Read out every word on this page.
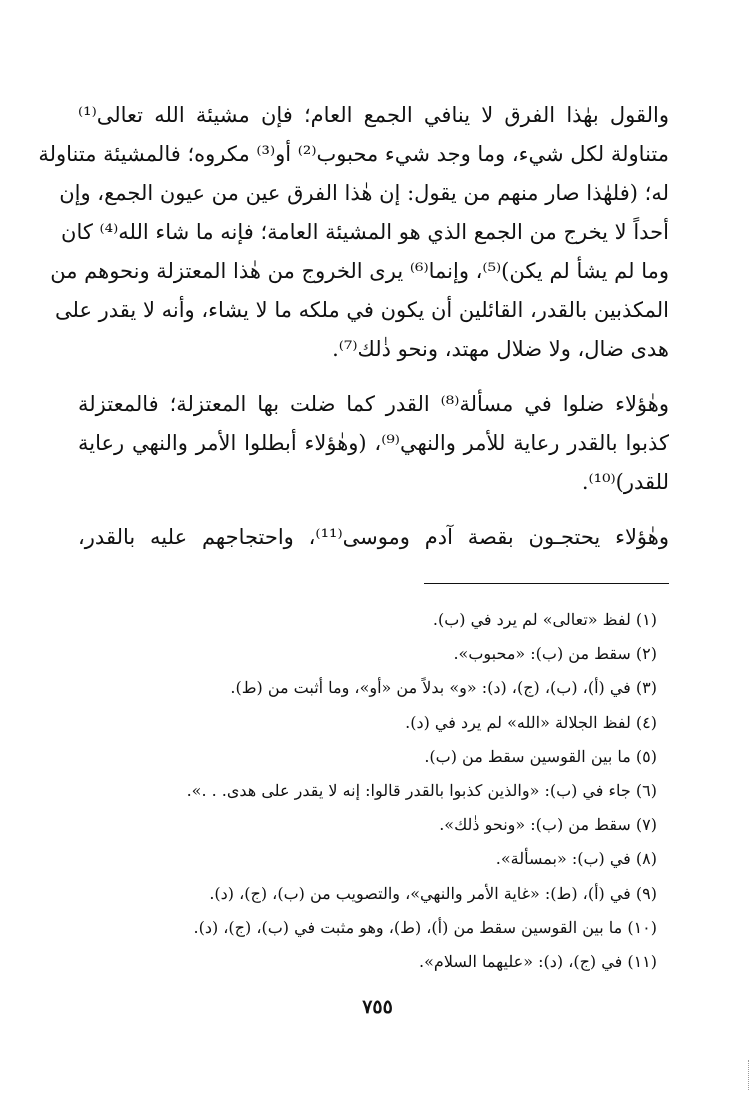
والقول بهٰذا الفرق لا ينافي الجمع العام؛ فإن مشيئة الله تعالى⁽¹⁾
متناولة لكل شيء، وما وجد شيء محبوب⁽²⁾ أو⁽³⁾ مكروه؛ فالمشيئة متناولة
له؛ (فلهٰذا صار منهم من يقول: إن هٰذا الفرق عين من عيون الجمع، وإن
أحداً لا يخرج من الجمع الذي هو المشيئة العامة؛ فإنه ما شاء الله⁽⁴⁾ كان
وما لم يشأ لم يكن)⁽⁵⁾، وإنما⁽⁶⁾ يرى الخروج من هٰذا المعتزلة ونحوهم من
المكذبين بالقدر، القائلين أن يكون في ملكه ما لا يشاء، وأنه لا يقدر على
هدى ضال، ولا ضلال مهتد، ونحو ذٰلك⁽⁷⁾.
وهٰؤلاء ضلوا في مسألة⁽⁸⁾ القدر كما ضلت بها المعتزلة؛ فالمعتزلة
كذبوا بالقدر رعاية للأمر والنهي⁽⁹⁾، (وهٰؤلاء أبطلوا الأمر والنهي رعاية
للقدر)⁽¹⁰⁾.
وهٰؤلاء يحتجـون بقصة آدم وموسى⁽¹¹⁾، واحتجاجهم عليه بالقدر،
(١) لفظ «تعالى» لم يرد في (ب).
(٢) سقط من (ب): «محبوب».
(٣) في (أ)، (ب)، (ج)، (د): «و» بدلاً من «أو»، وما أثبت من (ط).
(٤) لفظ الجلالة «الله» لم يرد في (د).
(٥) ما بين القوسين سقط من (ب).
(٦) جاء في (ب): «والذين كذبوا بالقدر قالوا: إنه لا يقدر على هدى. . .».
(٧) سقط من (ب): «ونحو ذٰلك».
(٨) في (ب): «بمسألة».
(٩) في (أ)، (ط): «غاية الأمر والنهي»، والتصويب من (ب)، (ج)، (د).
(١٠) ما بين القوسين سقط من (أ)، (ط)، وهو مثبت في (ب)، (ج)، (د).
(١١) في (ج)، (د): «عليهما السلام».
٧٥٥
